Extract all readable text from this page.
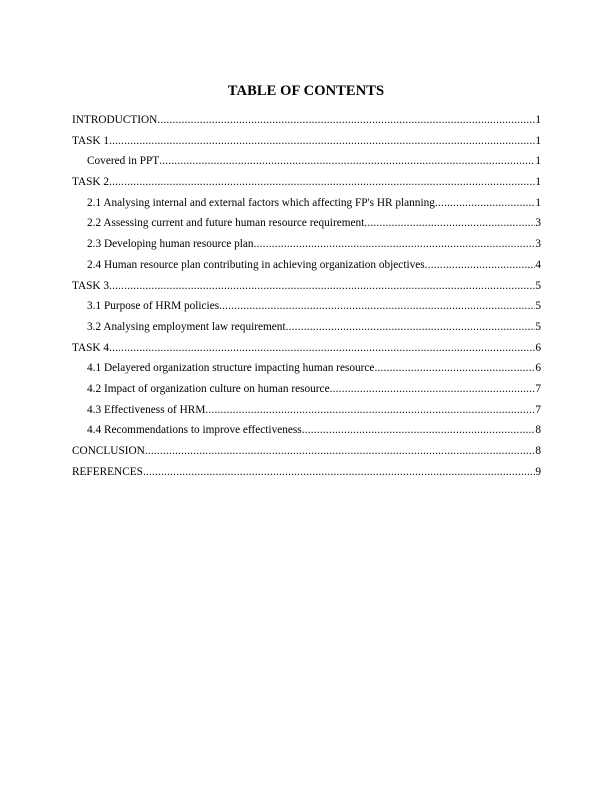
TABLE OF CONTENTS
INTRODUCTION .....	1
TASK 1 .....	1
Covered in PPT .....	1
TASK 2 .....	1
2.1 Analysing internal and external factors which affecting FP's HR planning .....	1
2.2 Assessing current and future human resource requirement .....	3
2.3 Developing human resource plan .....	3
2.4 Human resource plan contributing in achieving organization objectives .....	4
TASK 3 .....	5
3.1 Purpose of HRM policies .....	5
3.2 Analysing employment law requirement .....	5
TASK 4 .....	6
4.1 Delayered organization structure impacting human resource .....	6
4.2 Impact of organization culture on human resource .....	7
4.3 Effectiveness of HRM .....	7
4.4 Recommendations to improve effectiveness .....	8
CONCLUSION .....	8
REFERENCES .....	9
